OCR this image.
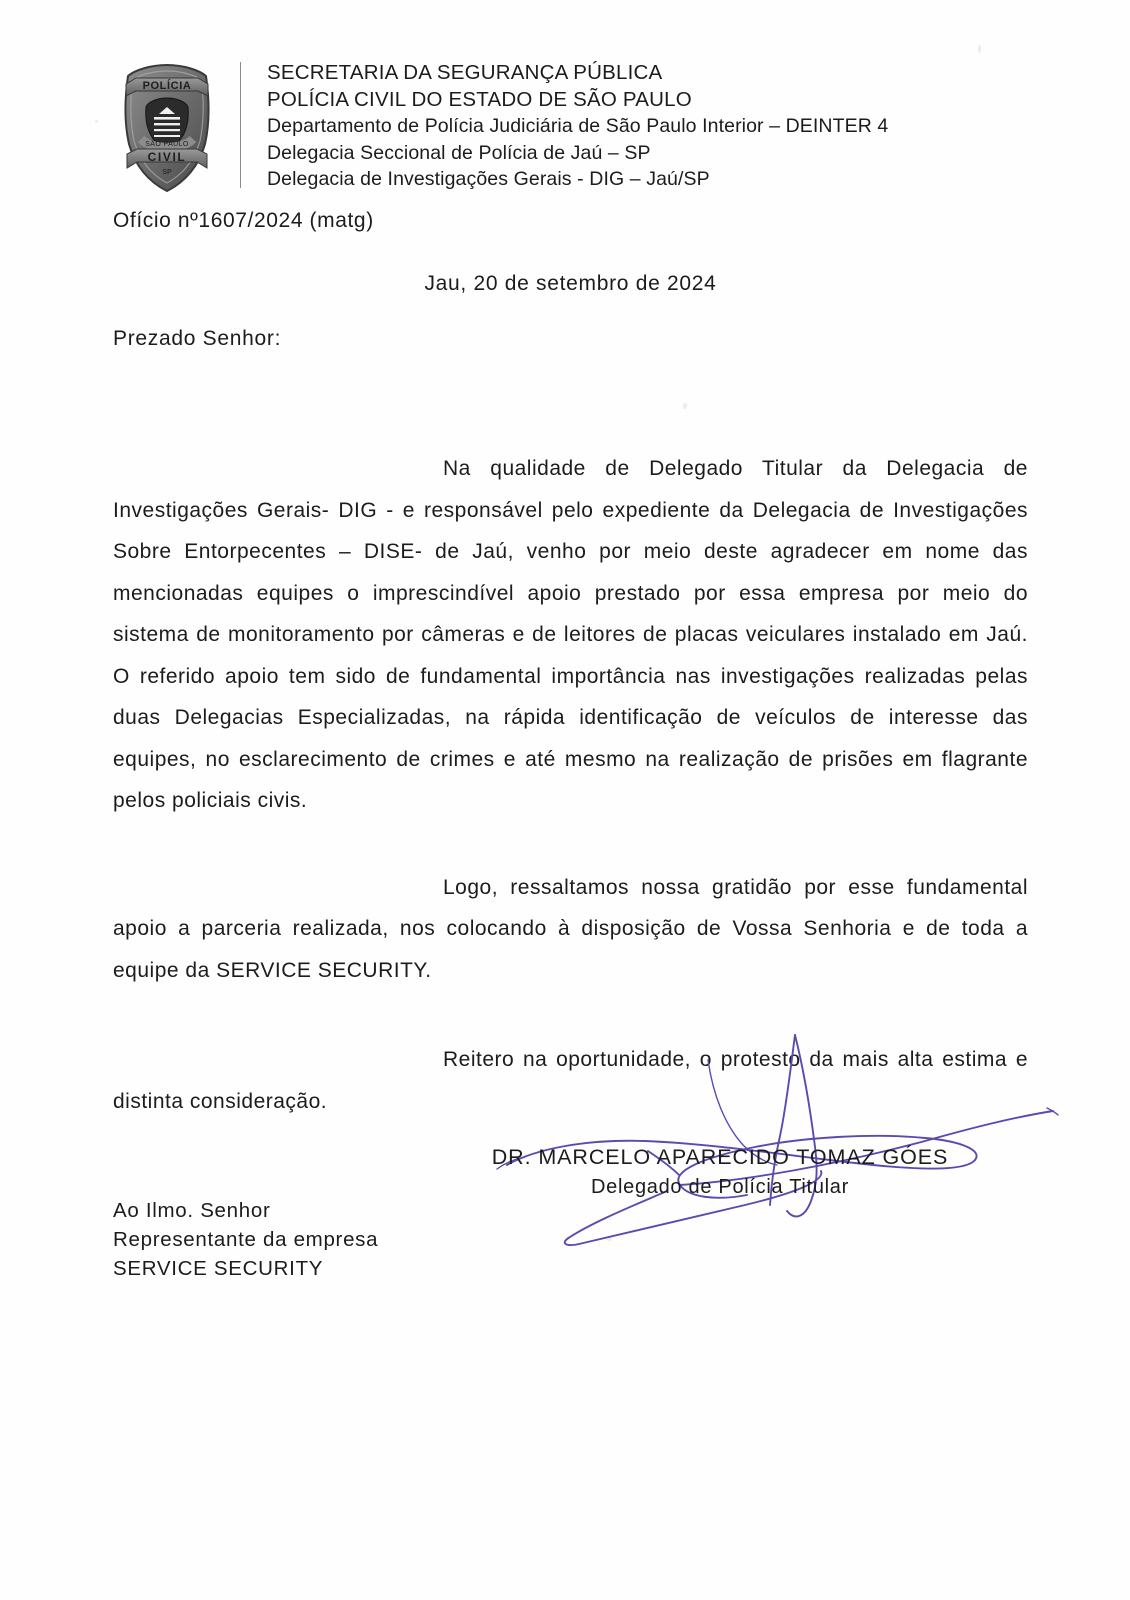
POLÍCIA
SÃO PAULO
CIVIL
SP
SECRETARIA DA SEGURANÇA PÚBLICA
POLÍCIA CIVIL DO ESTADO DE SÃO PAULO
Departamento de Polícia Judiciária de São Paulo Interior – DEINTER 4
Delegacia Seccional de Polícia de Jaú – SP
Delegacia de Investigações Gerais - DIG – Jaú/SP
Ofício nº1607/2024 (matg)
Jau, 20 de setembro de 2024
Prezado Senhor:

Na qualidade de Delegado Titular da Delegacia de Investigações Gerais- DIG - e responsável pelo expediente da Delegacia de Investigações Sobre Entorpecentes – DISE- de Jaú, venho por meio deste agradecer em nome das mencionadas equipes o imprescindível apoio prestado por essa empresa por meio do sistema de monitoramento por câmeras e de leitores de placas veiculares instalado em Jaú. O referido apoio tem sido de fundamental importância nas investigações realizadas pelas duas Delegacias Especializadas, na rápida identificação de veículos de interesse das equipes, no esclarecimento de crimes e até mesmo na realização de prisões em flagrante pelos policiais civis.

Logo, ressaltamos nossa gratidão por esse fundamental apoio a parceria realizada, nos colocando à disposição de Vossa Senhoria e de toda a equipe da SERVICE SECURITY.

Reitero na oportunidade, o protesto da mais alta estima e distinta consideração.

DR. MARCELO APARECIDO TOMAZ GÓES
Delegado de Polícia Titular
Ao Ilmo. Senhor
Representante da empresa
SERVICE SECURITY
